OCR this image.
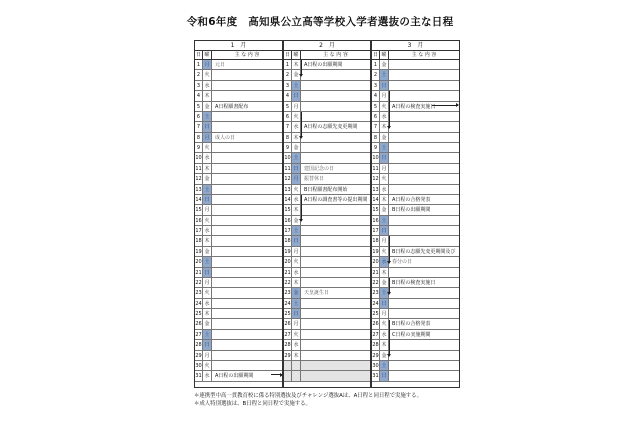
令和6年度　高知県公立高等学校入学者選抜の主な日程
1　月
日 曜	主 な 内 容
1 月	元日
2 火
3 水
4 木
5 金	A日程願書配布
6 土
7 日
8 月	成人の日
9 火
10 水
11 木
12 金
13 土
14 日
15 月
16 火
17 水
18 木
19 金
20 土
21 日
22 月
23 火
24 水
25 木
26 金
27 土
28 日
29 月
30 火
31 水	A日程の出願期間
2　月
日 曜	主 な 内 容
1 木	A日程の出願期間
2 金
3 土
4 日
5 月
6 火
7 水	A日程の志願先変更期間
8 木
9 金
10 土
11 日	建国記念の日
12 月	振替休日
13 火	B日程願書配布開始
14 水	A日程の調査書等の提出期間
15 木
16 金
17 土
18 日
19 月
20 火
21 水
22 木
23 金	天皇誕生日
24 土
25 日
26 月
27 火
28 水
29 木
3　月
日 曜	主 な 内 容
1 金
2 土
3 日
4 月
5 火	A日程の検査実施日
6 水
7 木
8 金
9 土
10 日
11 月
12 火
13 水
14 木	A日程の合格発表
15 金	B日程の出願期間
16 土
17 日
18 月
19 火	B日程の志願先変更期間及び
20 水	春分の日
21 木
22 金	B日程の検査実施日
23 土
24 日
25 月
26 火	B日程の合格発表
27 水	C日程の実施期間
28 木
29 金
30 土
31 日
＊連携型中高一貫教育校に係る特別選抜及びチャレンジ選抜Aは、A日程と同日程で実施する。
＊成人特別選抜は、B日程と同日程で実施する。
